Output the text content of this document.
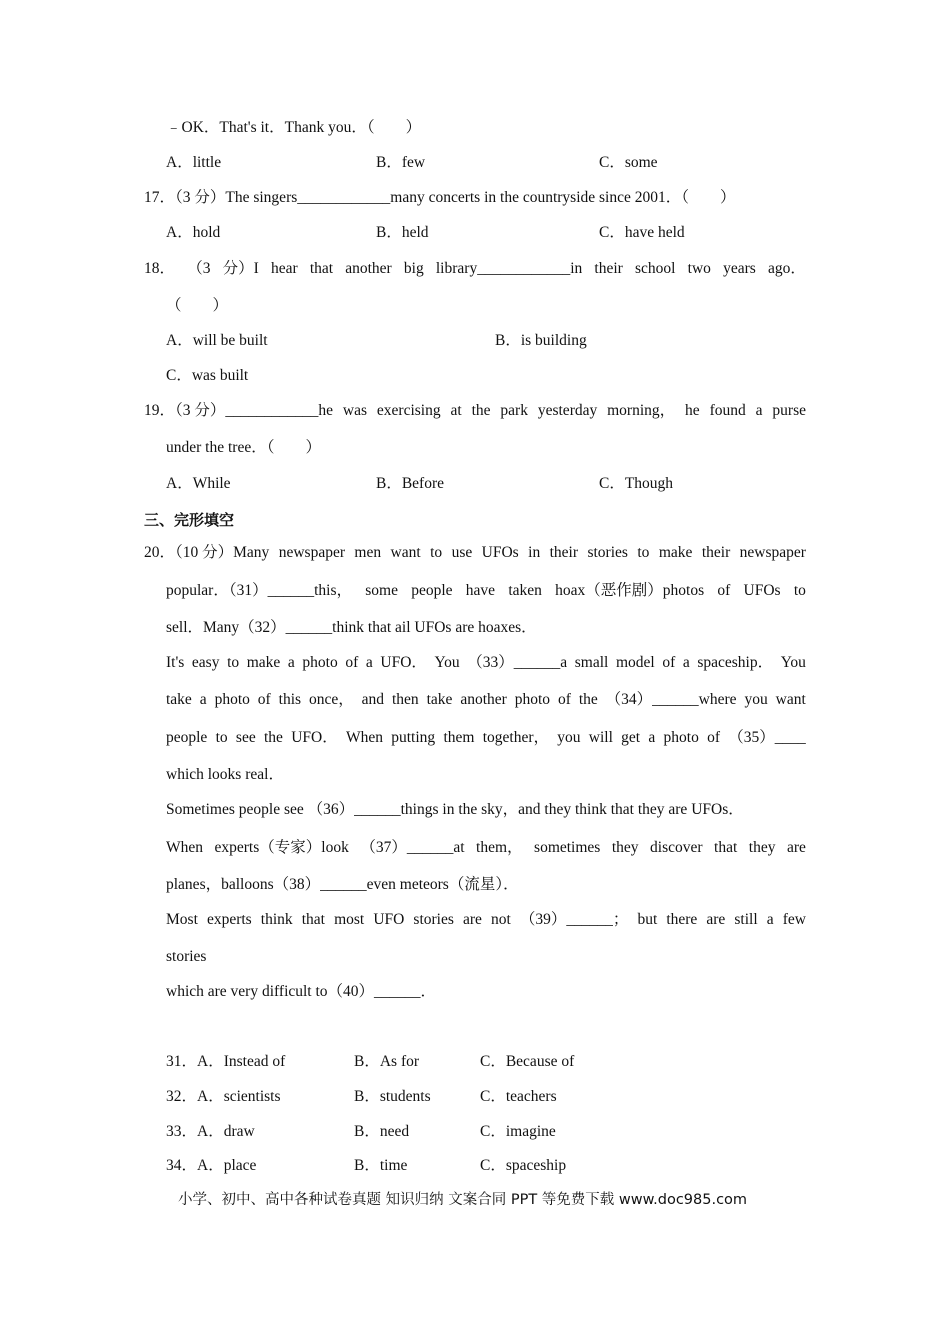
﹣OK．That's it．Thank you．（　　）
A．little	B．few	C．some
17．（3 分）The singers____________many concerts in the countryside since 2001．（　　）
A．hold	B．held	C．have held
18． （3 分）I hear that another big library____________in their school two years ago．
（　　）
A．will be built	B．is building
C．was built
19．（3 分）____________he was exercising at the park yesterday morning， he found a purse
under the tree．（　　）
A．While	B．Before	C．Though
三、完形填空
20．（10 分）Many newspaper men want to use UFOs in their stories to make their newspaper
popular．（31）______this， some people have taken hoax（恶作剧）photos of UFOs to
sell．Many（32）______think that ail UFOs are hoaxes．
It's easy to make a photo of a UFO． You （33）______a small model of a spaceship． You
take a photo of this once， and then take another photo of the （34）______where you want
people to see the UFO． When putting them together， you will get a photo of （35）____
which looks real．
Sometimes people see （36）______things in the sky，and they think that they are UFOs．
When experts（专家）look （37）______at them， sometimes they discover that they are
planes，balloons（38）______even meteors（流星）．
Most experts think that most UFO stories are not （39）______； but there are still a few
stories
which are very difficult to（40）______．
31．A．Instead of	B．As for	C．Because of
32．A．scientists	B．students	C．teachers
33．A．draw	B．need	C．imagine
34．A．place	B．time	C．spaceship
小学、初中、高中各种试卷真题 知识归纳 文案合同 PPT 等免费下载 www.doc985.com
